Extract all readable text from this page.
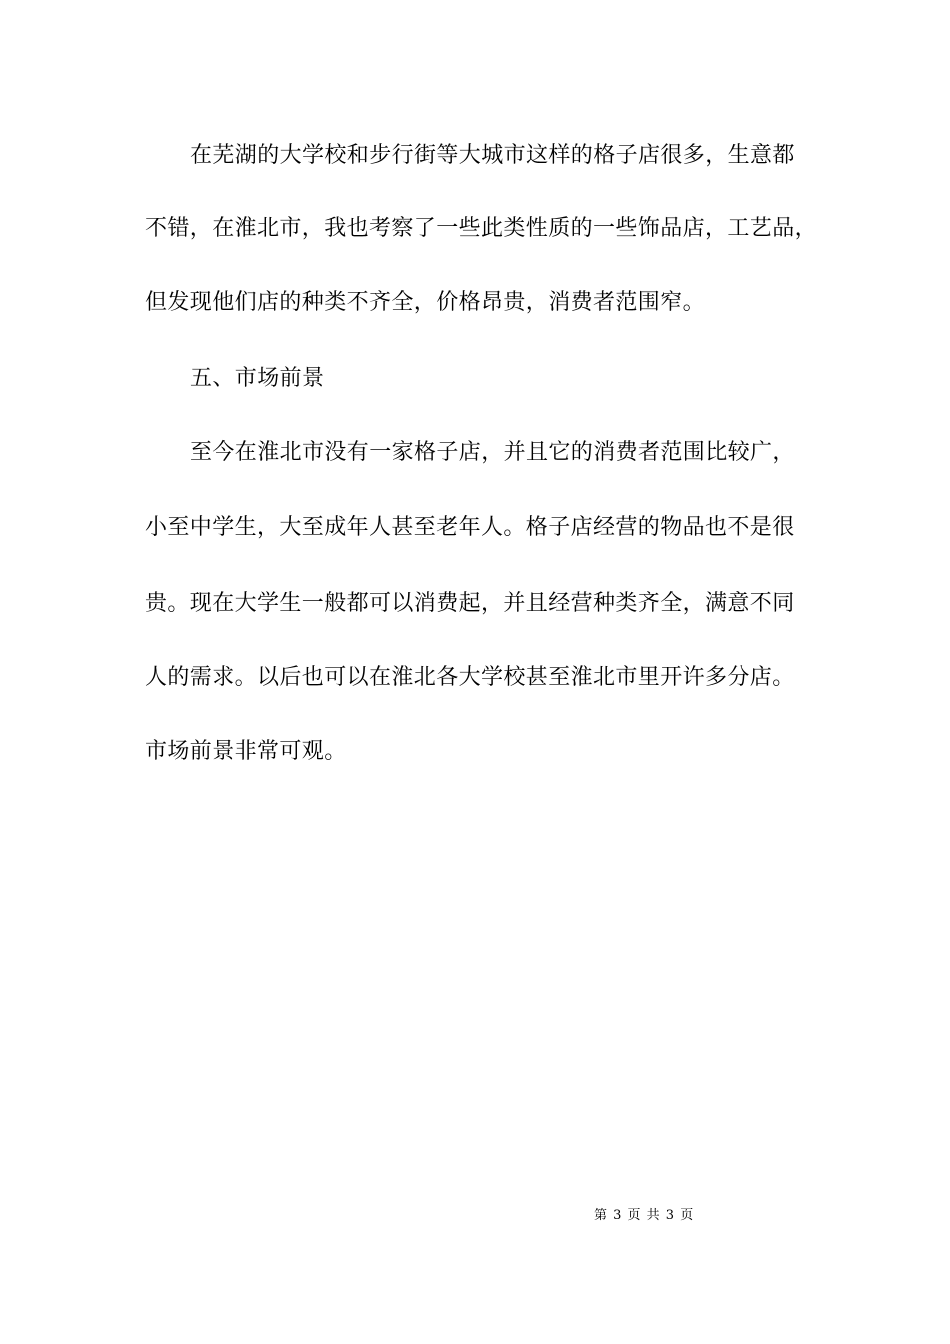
在芜湖的大学校和步行街等大城市这样的格子店很多，生意都
不错，在淮北市，我也考察了一些此类性质的一些饰品店，工艺品，
但发现他们店的种类不齐全，价格昂贵，消费者范围窄。
五、市场前景
至今在淮北市没有一家格子店，并且它的消费者范围比较广，
小至中学生，大至成年人甚至老年人。格子店经营的物品也不是很
贵。现在大学生一般都可以消费起，并且经营种类齐全，满意不同
人的需求。以后也可以在淮北各大学校甚至淮北市里开许多分店。
市场前景非常可观。
第 3 页 共 3 页
